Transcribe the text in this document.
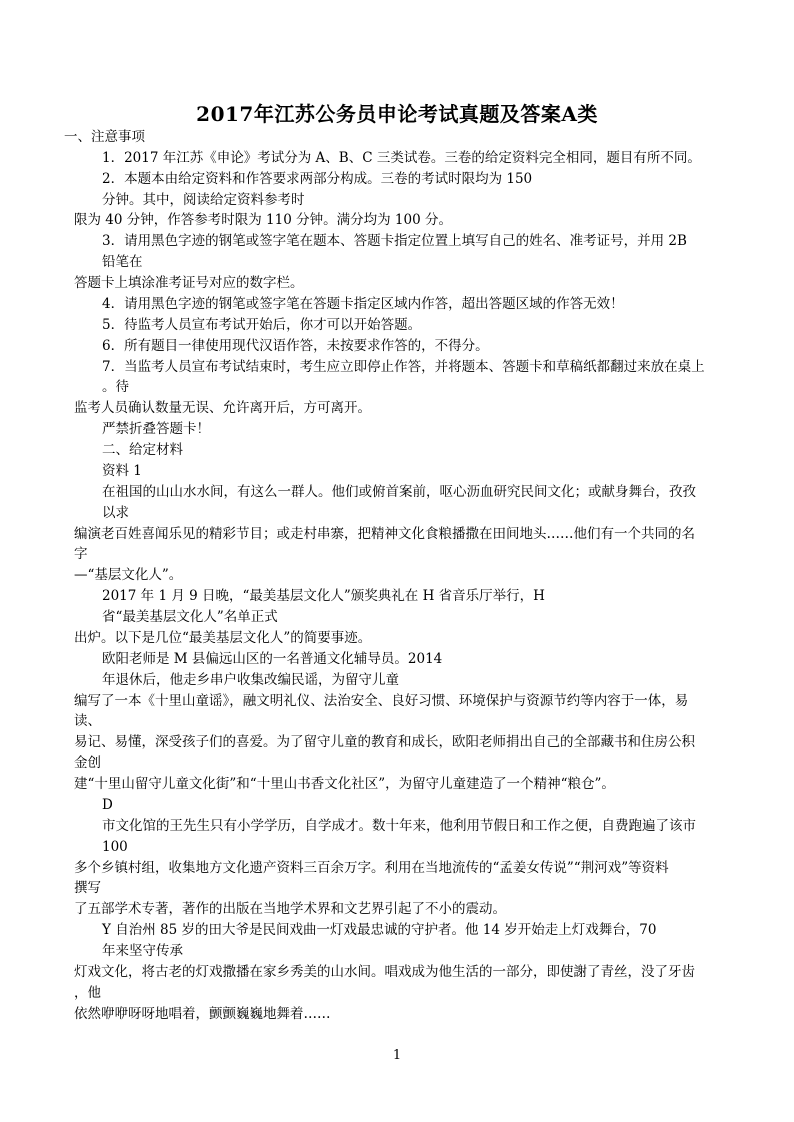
2017年江苏公务员申论考试真题及答案A类
一、注意事项
1．2017 年江苏《申论》考试分为 A、B、C 三类试卷。三卷的给定资料完全相同，题目有所不同。
2．本题本由给定资料和作答要求两部分构成。三卷的考试时限均为 150
分钟。其中，阅读给定资料参考时
限为 40 分钟，作答参考时限为 110 分钟。满分均为 100 分。
3．请用黑色字迹的钢笔或签字笔在题本、答题卡指定位置上填写自己的姓名、准考证号，并用 2B
铅笔在
答题卡上填涂准考证号对应的数字栏。
4．请用黑色字迹的钢笔或签字笔在答题卡指定区域内作答，超出答题区域的作答无效！
5．待监考人员宣布考试开始后，你才可以开始答题。
6．所有题目一律使用现代汉语作答，未按要求作答的，不得分。
7．当监考人员宣布考试结束时，考生应立即停止作答，并将题本、答题卡和草稿纸都翻过来放在桌上
。待
监考人员确认数量无误、允许离开后，方可离开。
严禁折叠答题卡！
二、给定材料
资料 1
在祖国的山山水水间，有这么一群人。他们或俯首案前，呕心沥血研究民间文化；或献身舞台，孜孜
以求
编演老百姓喜闻乐见的精彩节目；或走村串寨，把精神文化食粮播撒在田间地头……他们有一个共同的名
字
—“基层文化人”。
2017 年 1 月 9 日晚，“最美基层文化人”颁奖典礼在 H 省音乐厅举行，H
省“最美基层文化人”名单正式
出炉。以下是几位“最美基层文化人”的简要事迹。
欧阳老师是 M 县偏远山区的一名普通文化辅导员。2014
年退休后，他走乡串户收集改编民谣，为留守儿童
编写了一本《十里山童谣》，融文明礼仪、法治安全、良好习惯、环境保护与资源节约等内容于一体，易
读、
易记、易懂，深受孩子们的喜爱。为了留守儿童的教育和成长，欧阳老师捐出自己的全部藏书和住房公积
金创
建“十里山留守儿童文化街”和“十里山书香文化社区”，为留守儿童建造了一个精神“粮仓”。
D
市文化馆的王先生只有小学学历，自学成才。数十年来，他利用节假日和工作之便，自费跑遍了该市
100
多个乡镇村组，收集地方文化遗产资料三百余万字。利用在当地流传的“孟姜女传说”“荆河戏”等资料
撰写
了五部学术专著，著作的出版在当地学术界和文艺界引起了不小的震动。
Y 自治州 85 岁的田大爷是民间戏曲一灯戏最忠诚的守护者。他 14 岁开始走上灯戏舞台，70
年来坚守传承
灯戏文化，将古老的灯戏撒播在家乡秀美的山水间。唱戏成为他生活的一部分，即使謝了青丝，没了牙齿
，他
依然咿咿呀呀地唱着，颤颤巍巍地舞着……
1
